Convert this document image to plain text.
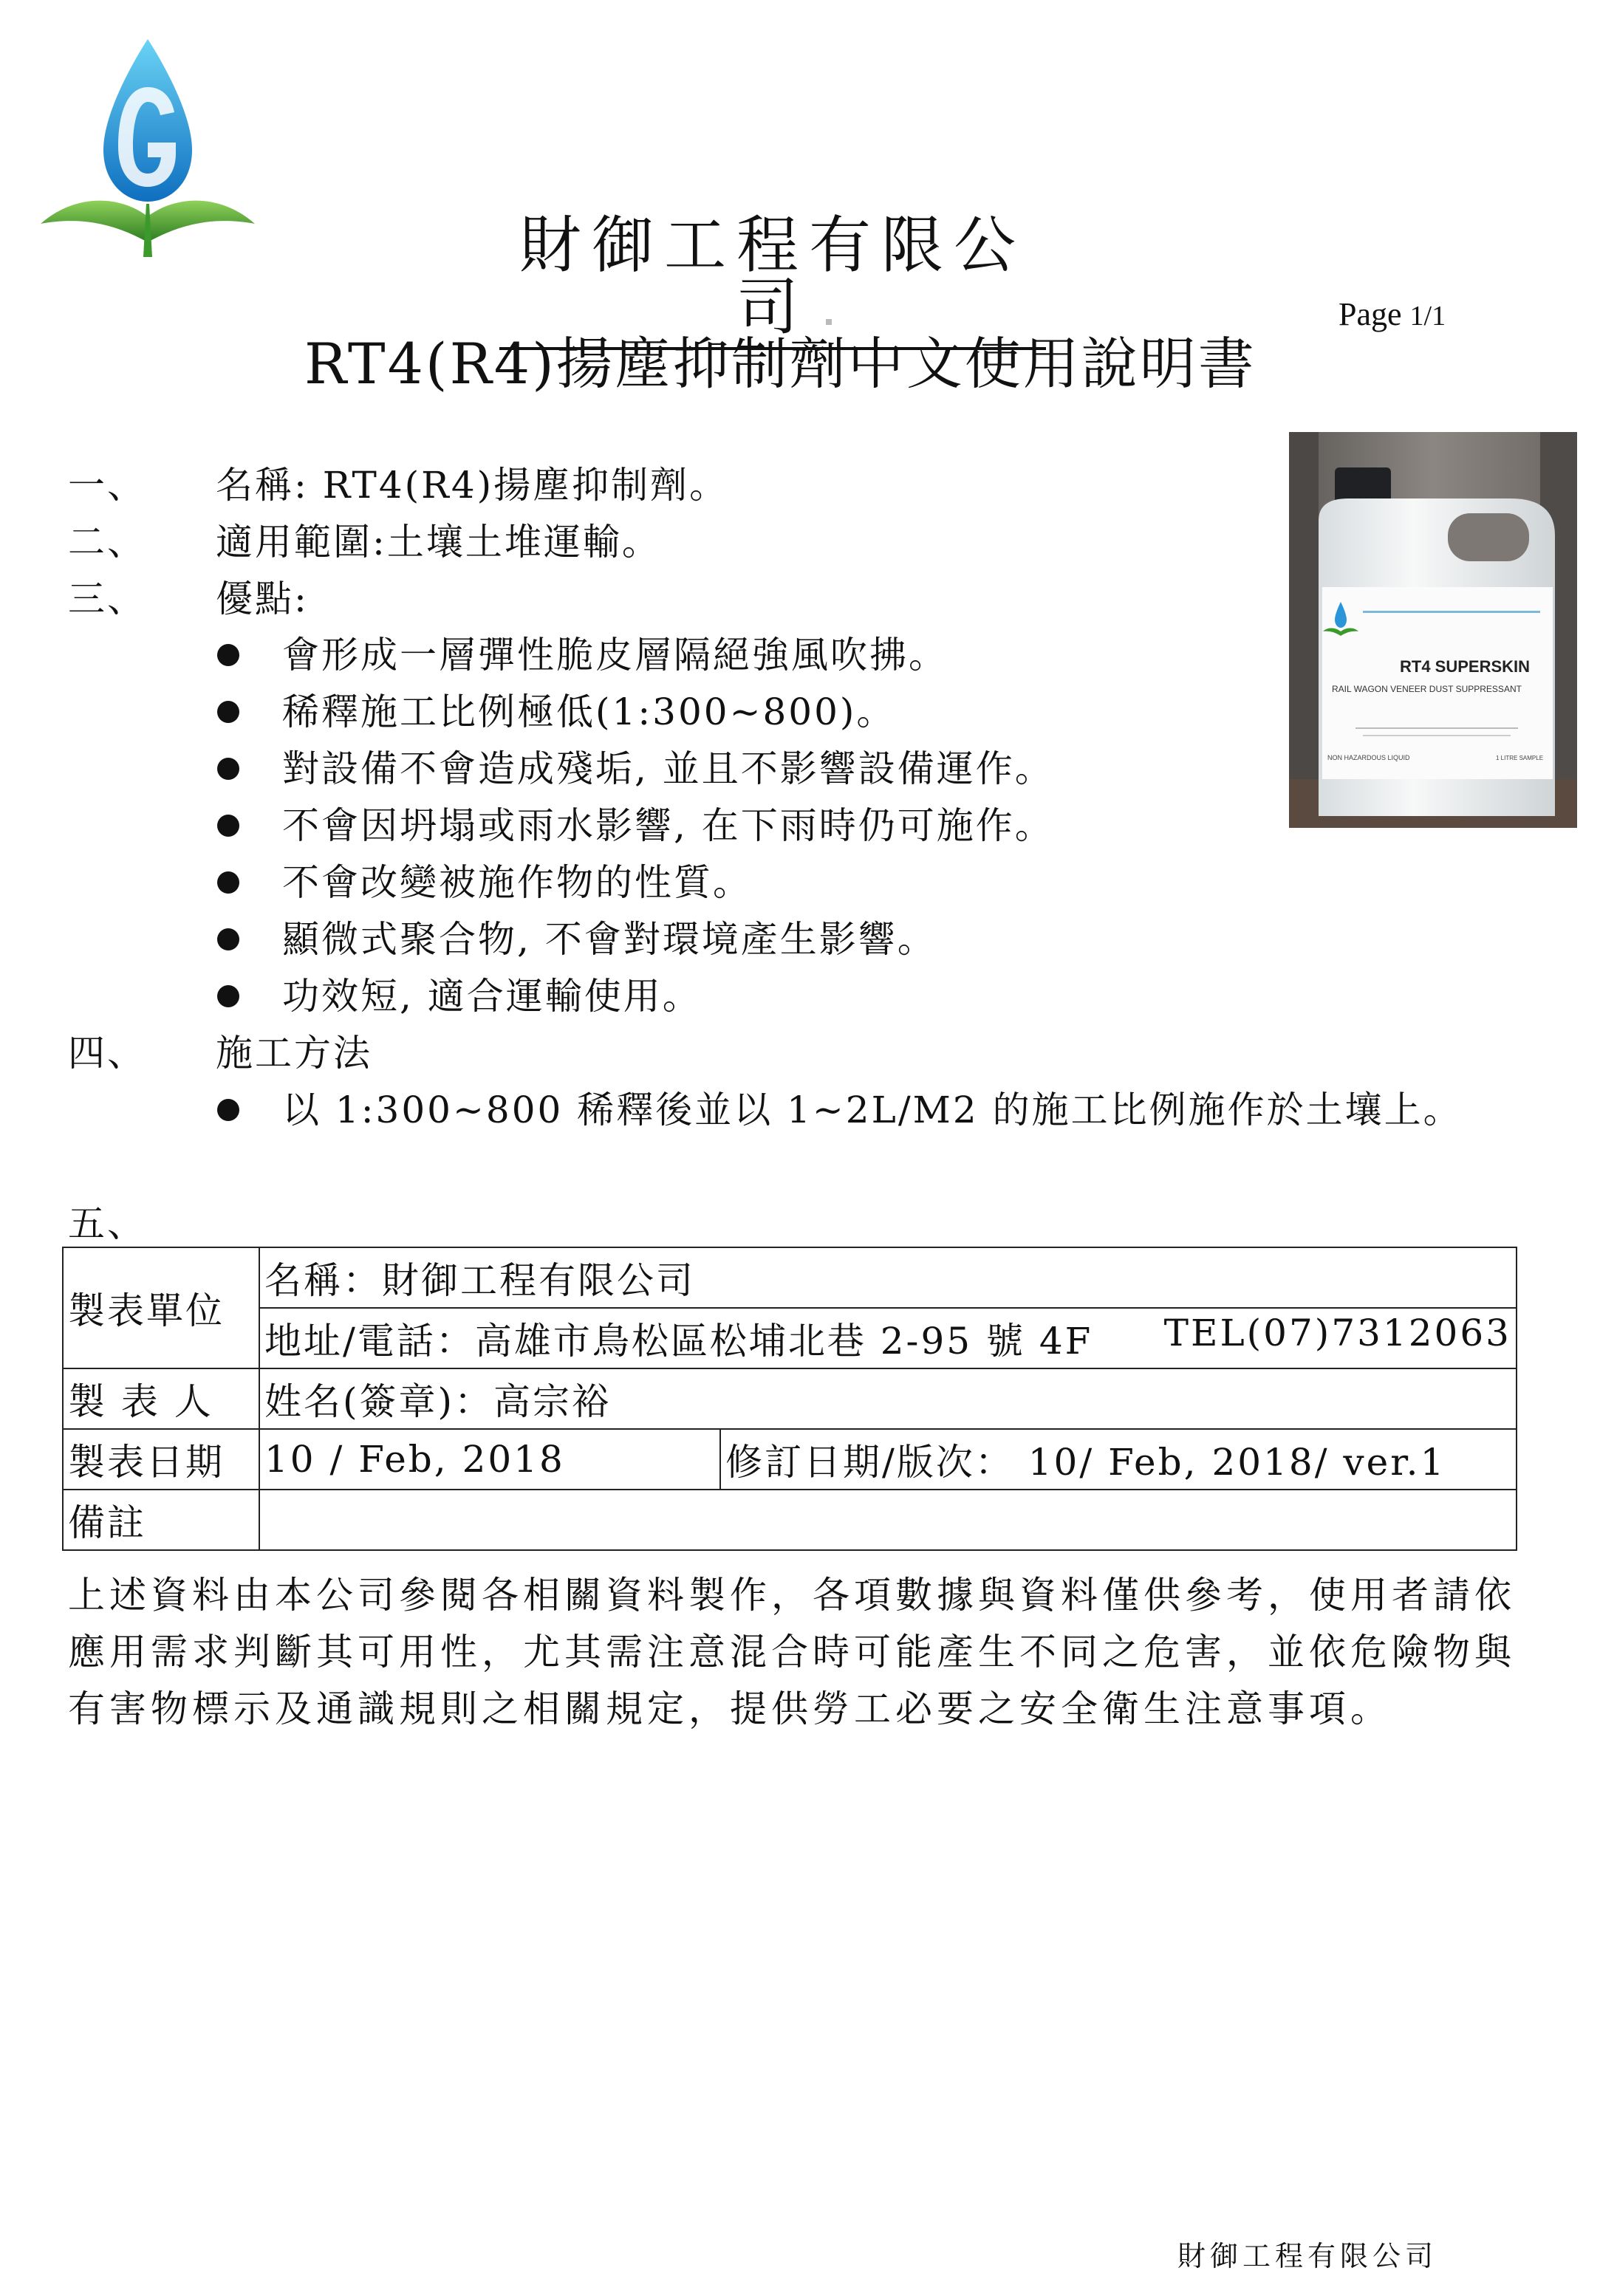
財御工程有限公司	Page 1/1
RT4(R4)揚塵抑制劑中文使用說明書
RT4 SUPERSKIN
RAIL WAGON VENEER DUST SUPPRESSANT
NON HAZARDOUS LIQUID	1 LITRE SAMPLE
一、 名稱: RT4(R4)揚塵抑制劑。
二、 適用範圍:土壤土堆運輸。
三、 優點:
會形成一層彈性脆皮層隔絕強風吹拂。
稀釋施工比例極低(1:300~800)。
對設備不會造成殘垢, 並且不影響設備運作。
不會因坍塌或雨水影響, 在下雨時仍可施作。
不會改變被施作物的性質。
顯微式聚合物, 不會對環境產生影響。
功效短, 適合運輸使用。
四、 施工方法
以 1:300~800 稀釋後並以 1~2L/M2 的施工比例施作於土壤上。
五、
製表單位	名稱：財御工程有限公司	
	地址/電話：高雄市鳥松區松埔北巷 2-95 號 4F TEL(07)7312063	

製 表 人	姓名(簽章)：高宗裕	
製表日期	10 / Feb, 2018	修訂日期/版次： 10/ Feb, 2018/ ver.1
備註		
上述資料由本公司參閱各相關資料製作，各項數據與資料僅供參考，使用者請依應用需求判斷其可用性，尤其需注意混合時可能產生不同之危害，並依危險物與有害物標示及通識規則之相關規定，提供勞工必要之安全衛生注意事項。
財御工程有限公司
